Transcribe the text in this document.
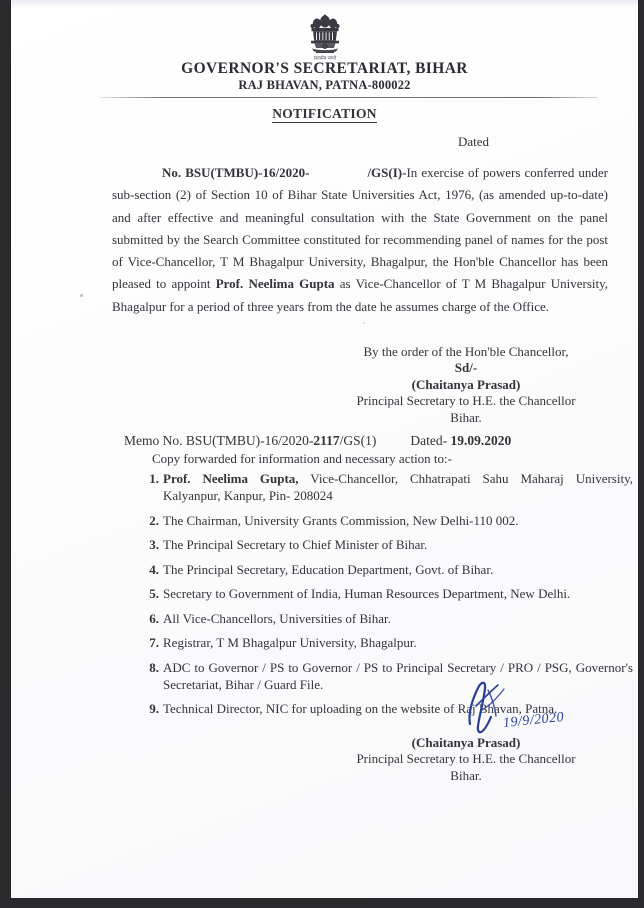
सत्यमेव जयते
GOVERNOR'S SECRETARIAT, BIHAR
RAJ BHAVAN, PATNA-800022
NOTIFICATION
Dated
No. BSU(TMBU)-16/2020-	/GS(I)-In exercise of powers conferred under sub-section (2) of Section 10 of Bihar State Universities Act, 1976, (as amended up-to-date) and after effective and meaningful consultation with the State Government on the panel submitted by the Search Committee constituted for recommending panel of names for the post of Vice-Chancellor, T M Bhagalpur University, Bhagalpur, the Hon'ble Chancellor has been pleased to appoint Prof. Neelima Gupta as Vice-Chancellor of T M Bhagalpur University, Bhagalpur for a period of three years from the date he assumes charge of the Office.
By the order of the Hon'ble Chancellor,
Sd/-
(Chaitanya Prasad)
Principal Secretary to H.E. the Chancellor
Bihar.
Memo No. BSU(TMBU)-16/2020-2117/GS(1)	Dated- 19.09.2020
Copy forwarded for information and necessary action to:-
1. Prof. Neelima Gupta, Vice-Chancellor, Chhatrapati Sahu Maharaj University, Kalyanpur, Kanpur, Pin- 208024
2. The Chairman, University Grants Commission, New Delhi-110 002.
3. The Principal Secretary to Chief Minister of Bihar.
4. The Principal Secretary, Education Department, Govt. of Bihar.
5. Secretary to Government of India, Human Resources Department, New Delhi.
6. All Vice-Chancellors, Universities of Bihar.
7. Registrar, T M Bhagalpur University, Bhagalpur.
8. ADC to Governor / PS to Governor / PS to Principal Secretary / PRO / PSG, Governor's Secretariat, Bihar / Guard File.
9. Technical Director, NIC for uploading on the website of Raj Bhavan, Patna.
19/9/2020
(Chaitanya Prasad)
Principal Secretary to H.E. the Chancellor
Bihar.
